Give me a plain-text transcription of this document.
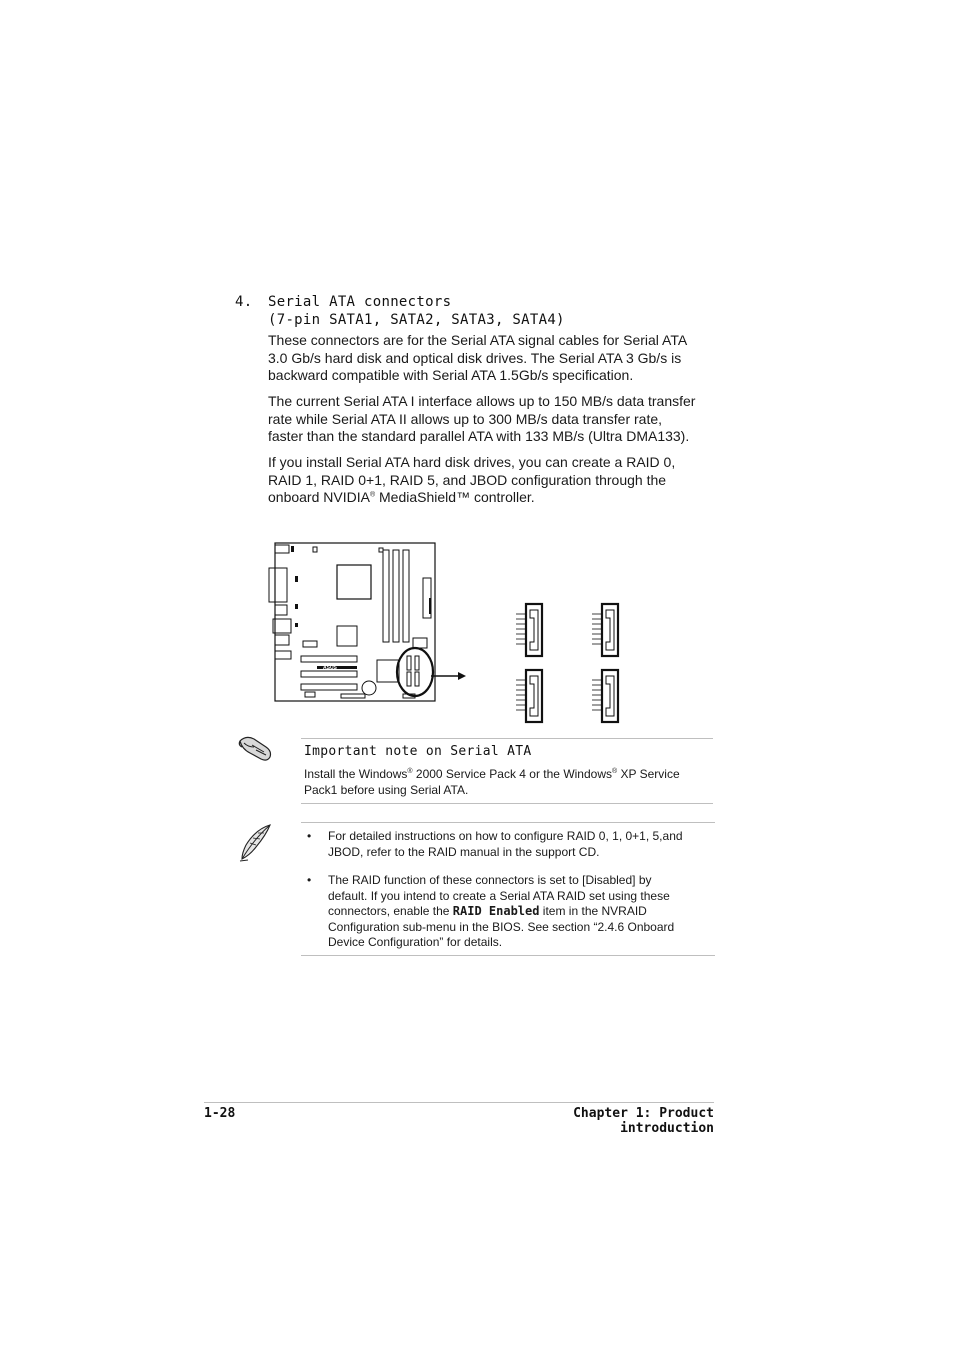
4. Serial ATA connectors
(7-pin SATA1, SATA2, SATA3, SATA4)
These connectors are for the Serial ATA signal cables for Serial ATA
3.0 Gb/s hard disk and optical disk drives. The Serial ATA 3 Gb/s is
backward compatible with Serial ATA 1.5Gb/s specification.
The current Serial ATA I interface allows up to 150 MB/s data transfer
rate while Serial ATA II allows up to 300 MB/s data transfer rate,
faster than the standard parallel ATA with 133 MB/s (Ultra DMA133).
If you install Serial ATA hard disk drives, you can create a RAID 0,
RAID 1, RAID 0+1, RAID 5, and JBOD configuration through the
onboard NVIDIA® MediaShield™ controller.
ASUS
Important note on Serial ATA
Install the Windows® 2000 Service Pack 4 or the Windows® XP Service
Pack1 before using Serial ATA.
• For detailed instructions on how to configure RAID 0, 1, 0+1, 5,and
JBOD, refer to the RAID manual in the support CD.
• The RAID function of these connectors is set to [Disabled] by
default. If you intend to create a Serial ATA RAID set using these
connectors, enable the RAID Enabled item in the NVRAID
Configuration sub-menu in the BIOS. See section “2.4.6 Onboard
Device Configuration” for details.
1-28	Chapter 1: Product introduction
